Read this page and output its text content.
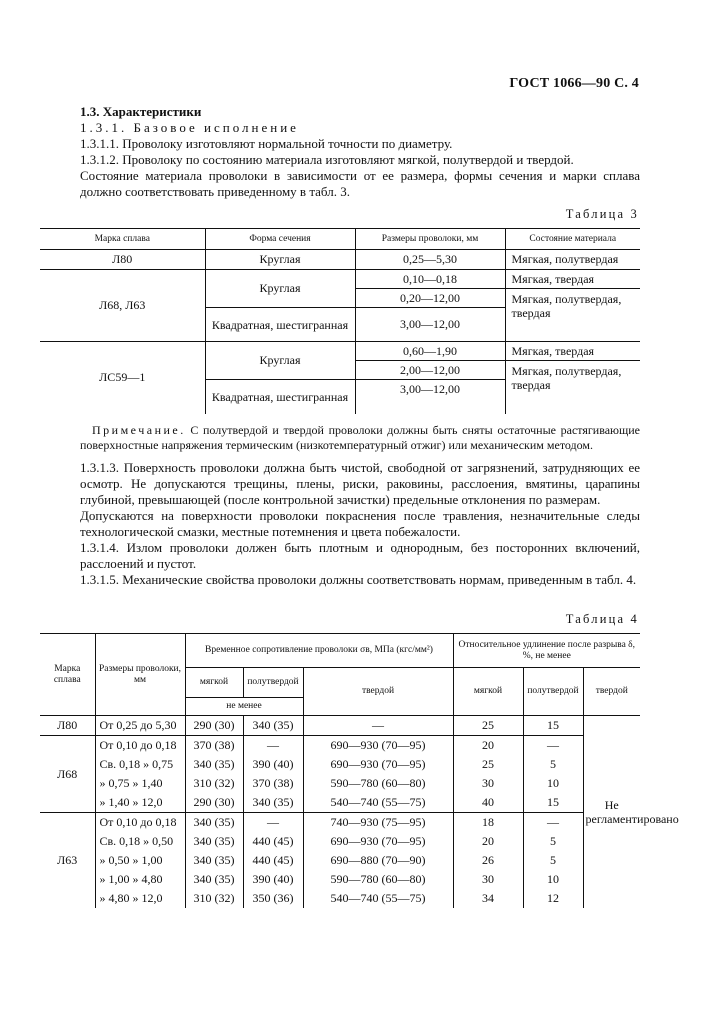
ГОСТ 1066—90 С. 4

1.3. Характеристики

1.3.1. Базовое исполнение

1.3.1.1. Проволоку изготовляют нормальной точности по диаметру.

1.3.1.2. Проволоку по состоянию материала изготовляют мягкой, полутвердой и твердой.

Состояние материала проволоки в зависимости от ее размера, формы сечения и марки сплава должно соответствовать приведенному в табл. 3.

Таблица 3
Марка сплава	Форма сечения	Размеры проволоки, мм	Состояние материала
Л80	Круглая	0,25—5,30	Мягкая, полутвердая
Л68, Л63	Круглая	0,10—0,18	Мягкая, твердая
		0,20—12,00	Мягкая, полутвердая, твердая
	Квадратная, шестигранная	3,00—12,00	
ЛС59—1	Круглая	0,60—1,90	Мягкая, твердая
		2,00—12,00	Мягкая, полутвердая, твердая
	Квадратная, шестигранная	3,00—12,00	
Примечание. С полутвердой и твердой проволоки должны быть сняты остаточные растягивающие поверхностные напряжения термическим (низкотемпературный отжиг) или механическим методом.

1.3.1.3. Поверхность проволоки должна быть чистой, свободной от загрязнений, затрудняющих ее осмотр. Не допускаются трещины, плены, риски, раковины, расслоения, вмятины, царапины глубиной, превышающей (после контрольной зачистки) предельные отклонения по размерам.

Допускаются на поверхности проволоки покраснения после травления, незначительные следы технологической смазки, местные потемнения и цвета побежалости.

1.3.1.4. Излом проволоки должен быть плотным и однородным, без посторонних включений, расслоений и пустот.

1.3.1.5. Механические свойства проволоки должны соответствовать нормам, приведенным в табл. 4.

Таблица 4
Марка сплава	Размеры проволоки, мм	Временное сопротивление проволоки σв, МПа (кгс/мм²)			Относительное удлинение после разрыва δ, %, не менее		
		мягкой	полутвердой	твердой	мягкой	полутвердой	твердой
		не менее					
Л80	От 0,25 до 5,30	290 (30)	340 (35)	—	25	15	Не регламентировано
Л68	От 0,10 до 0,18	370 (38)	—	690—930 (70—95)	20	—	
	Св. 0,18 » 0,75	340 (35)	390 (40)	690—930 (70—95)	25	5	
	» 0,75 » 1,40	310 (32)	370 (38)	590—780 (60—80)	30	10	
	» 1,40 » 12,0	290 (30)	340 (35)	540—740 (55—75)	40	15	
Л63	От 0,10 до 0,18	340 (35)	—	740—930 (75—95)	18	—	
	Св. 0,18 » 0,50	340 (35)	440 (45)	690—930 (70—95)	20	5	
	» 0,50 » 1,00	340 (35)	440 (45)	690—880 (70—90)	26	5	
	» 1,00 » 4,80	340 (35)	390 (40)	590—780 (60—80)	30	10	
	» 4,80 » 12,0	310 (32)	350 (36)	540—740 (55—75)	34	12	
